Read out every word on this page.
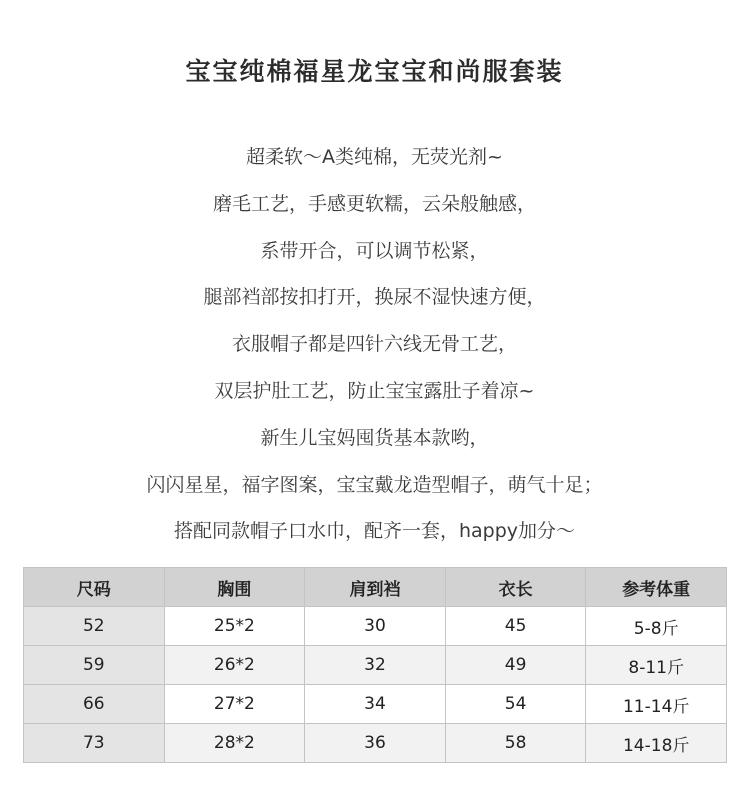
宝宝纯棉福星龙宝宝和尚服套装
超柔软～A类纯棉，无荧光剂~
磨毛工艺，手感更软糯，云朵般触感，
系带开合，可以调节松紧，
腿部裆部按扣打开，换尿不湿快速方便，
衣服帽子都是四针六线无骨工艺，
双层护肚工艺，防止宝宝露肚子着凉~
新生儿宝妈囤货基本款哟，
闪闪星星，福字图案，宝宝戴龙造型帽子，萌气十足；
搭配同款帽子口水巾，配齐一套，happy加分～
尺码	胸围	肩到裆	衣长	参考体重
52	25*2	30	45	5-8斤
59	26*2	32	49	8-11斤
66	27*2	34	54	11-14斤
73	28*2	36	58	14-18斤
